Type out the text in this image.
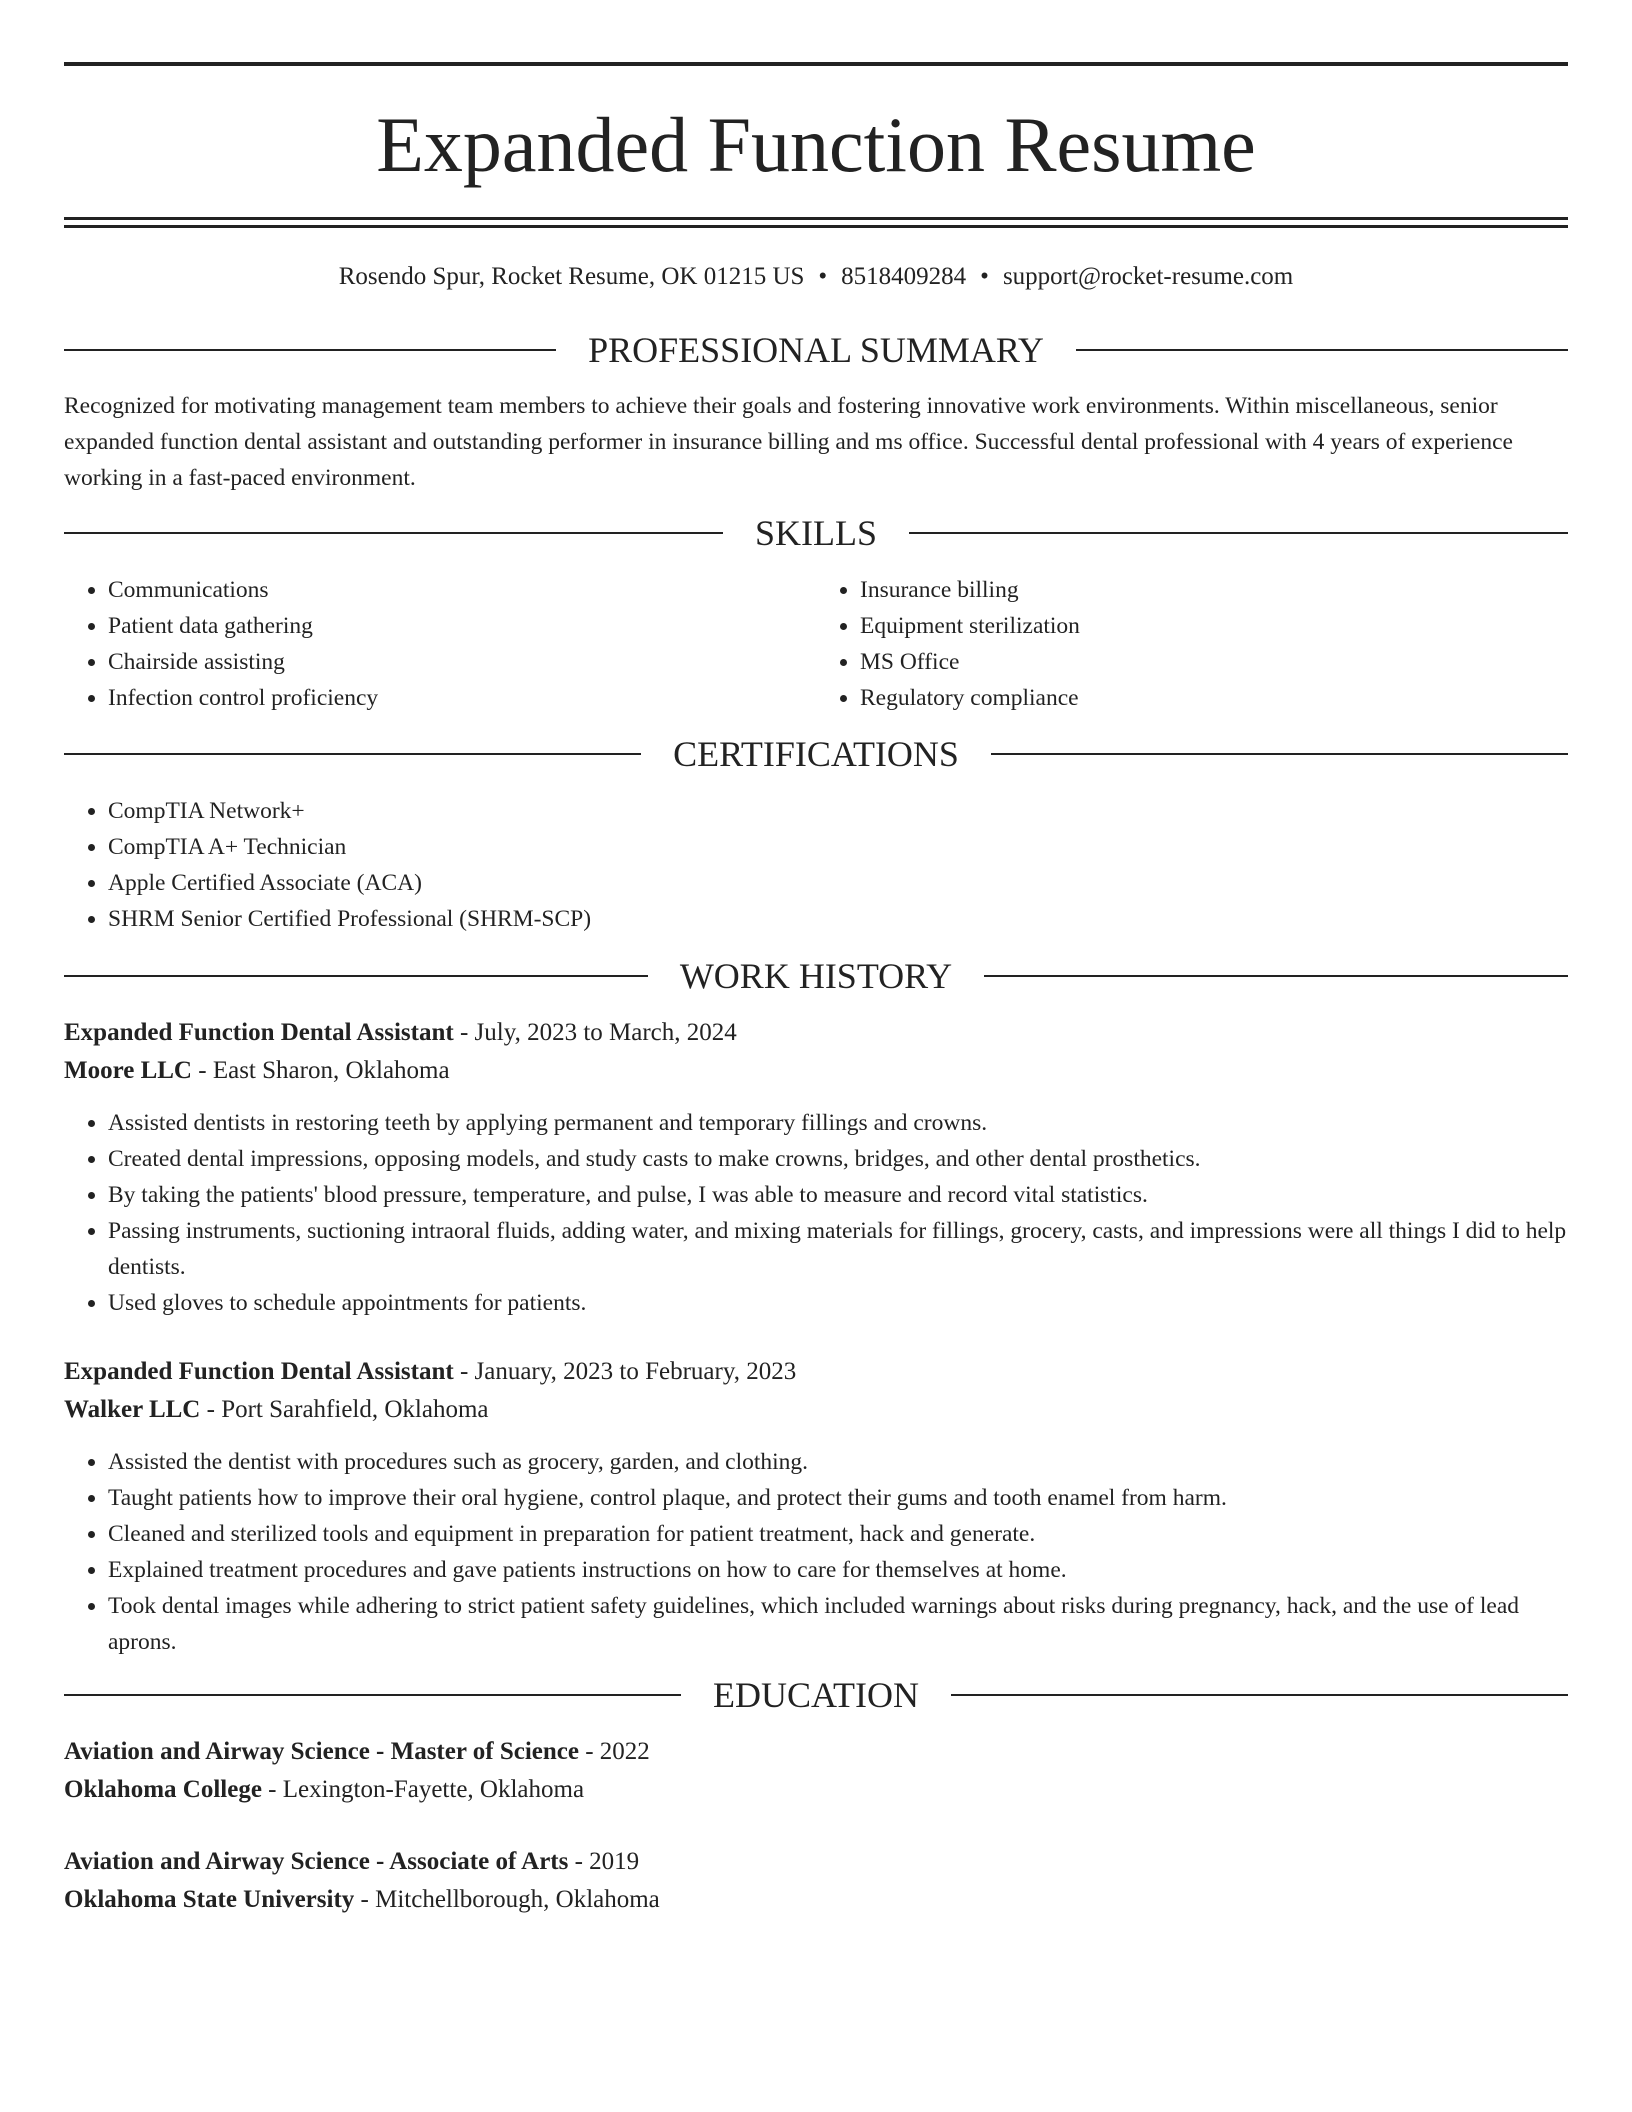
Expanded Function Resume
Rosendo Spur, Rocket Resume, OK 01215 US • 8518409284 • support@rocket-resume.com
PROFESSIONAL SUMMARY

Recognized for motivating management team members to achieve their goals and fostering innovative work environments. Within miscellaneous, senior expanded function dental assistant and outstanding performer in insurance billing and ms office. Successful dental professional with 4 years of experience working in a fast-paced environment.

SKILLS
• Communications
• Patient data gathering
• Chairside assisting
• Infection control proficiency
• Insurance billing
• Equipment sterilization
• MS Office
• Regulatory compliance
CERTIFICATIONS
• CompTIA Network+
• CompTIA A+ Technician
• Apple Certified Associate (ACA)
• SHRM Senior Certified Professional (SHRM-SCP)
WORK HISTORY
Expanded Function Dental Assistant - July, 2023 to March, 2024
Moore LLC - East Sharon, Oklahoma
• Assisted dentists in restoring teeth by applying permanent and temporary fillings and crowns.
• Created dental impressions, opposing models, and study casts to make crowns, bridges, and other dental prosthetics.
• By taking the patients' blood pressure, temperature, and pulse, I was able to measure and record vital statistics.
• Passing instruments, suctioning intraoral fluids, adding water, and mixing materials for fillings, grocery, casts, and impressions were all things I did to help dentists.
• Used gloves to schedule appointments for patients.
Expanded Function Dental Assistant - January, 2023 to February, 2023
Walker LLC - Port Sarahfield, Oklahoma
• Assisted the dentist with procedures such as grocery, garden, and clothing.
• Taught patients how to improve their oral hygiene, control plaque, and protect their gums and tooth enamel from harm.
• Cleaned and sterilized tools and equipment in preparation for patient treatment, hack and generate.
• Explained treatment procedures and gave patients instructions on how to care for themselves at home.
• Took dental images while adhering to strict patient safety guidelines, which included warnings about risks during pregnancy, hack, and the use of lead aprons.
EDUCATION
Aviation and Airway Science - Master of Science - 2022
Oklahoma College - Lexington-Fayette, Oklahoma
Aviation and Airway Science - Associate of Arts - 2019
Oklahoma State University - Mitchellborough, Oklahoma
